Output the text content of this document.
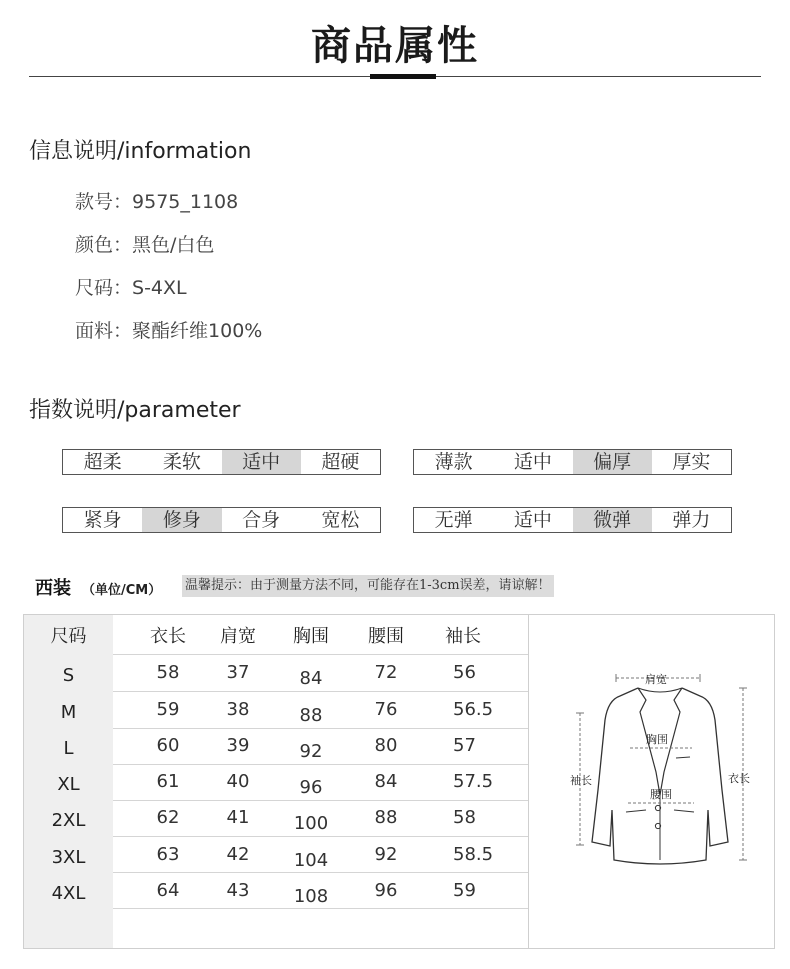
商品属性
信息说明/information
款号：9575_1108
颜色：黑色/白色
尺码：S-4XL
面料：聚酯纤维100%
指数说明/parameter
超柔	柔软	适中	超硬	薄款	适中	偏厚	厚实
紧身	修身	合身	宽松	无弹	适中	微弹	弹力
西装 （单位/CM） 温馨提示：由于测量方法不同，可能存在1-3cm误差，请谅解！
尺码	衣长	肩宽	胸围	腰围	袖长
S	58	37	84	72	56
M	59	38	88	76	56.5
L	60	39	92	80	57
XL	61	40	96	84	57.5
2XL	62	41	100	88	58
3XL	63	42	104	92	58.5
4XL	64	43	108	96	59
肩宽
胸围
腰围
袖长	衣长
